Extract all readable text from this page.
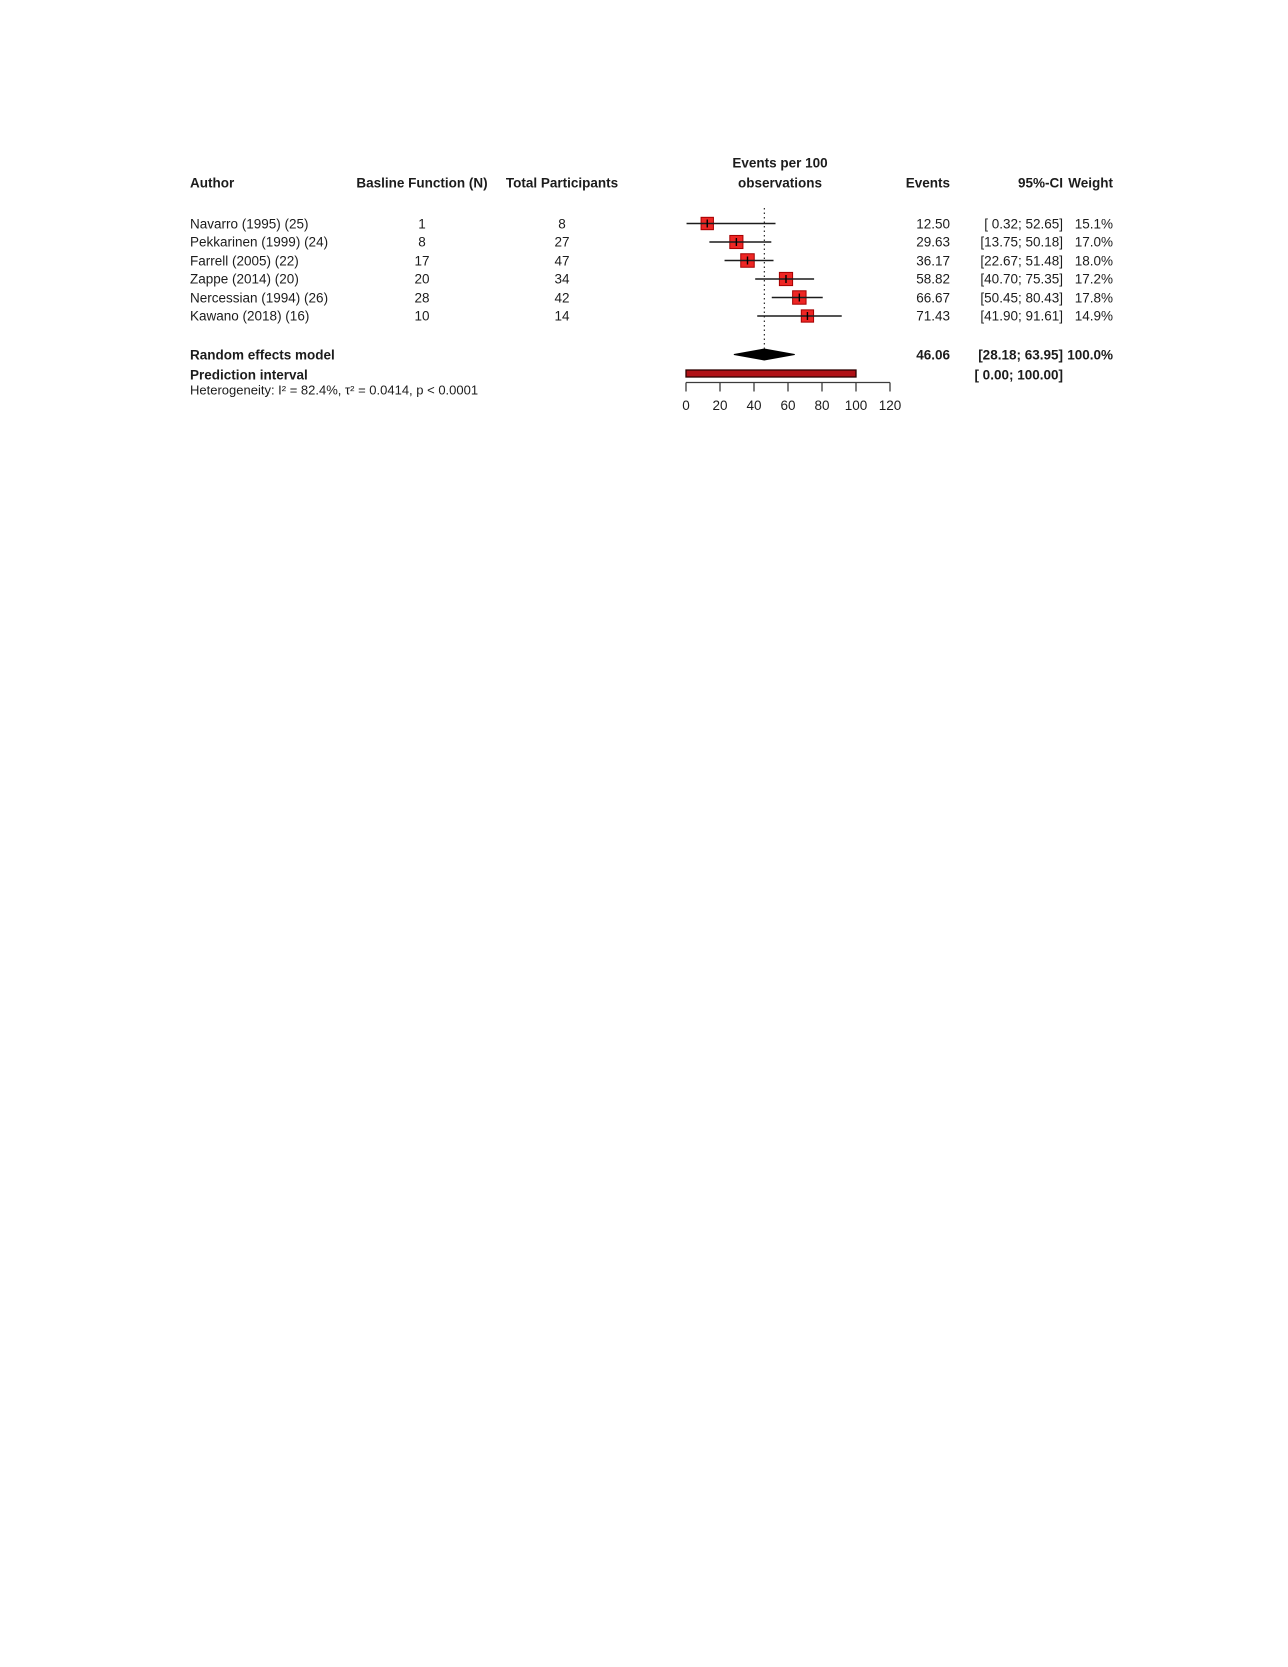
0 20 40 60 80 100 120
Author	Basline Function (N)	Total Participants
Events per 100
observations	Events	95%-CI Weight
Navarro (1995) (25)	1	8	12.50	[ 0.32; 52.65] 15.1%
Pekkarinen (1999) (24)	8	27	29.63 [13.75; 50.18] 17.0%
Farrell (2005) (22)	17	47	36.17 [22.67; 51.48] 18.0%
Zappe (2014) (20)	20	34	58.82 [40.70; 75.35] 17.2%
Nercessian (1994) (26)	28	42	66.67 [50.45; 80.43] 17.8%
Kawano (2018) (16)	10	14	71.43 [41.90; 91.61] 14.9%
Random effects model	46.06 [28.18; 63.95] 100.0%
Prediction interval	[ 0.00; 100.00]
Heterogeneity: I² = 82.4%, τ² = 0.0414, p < 0.0001
